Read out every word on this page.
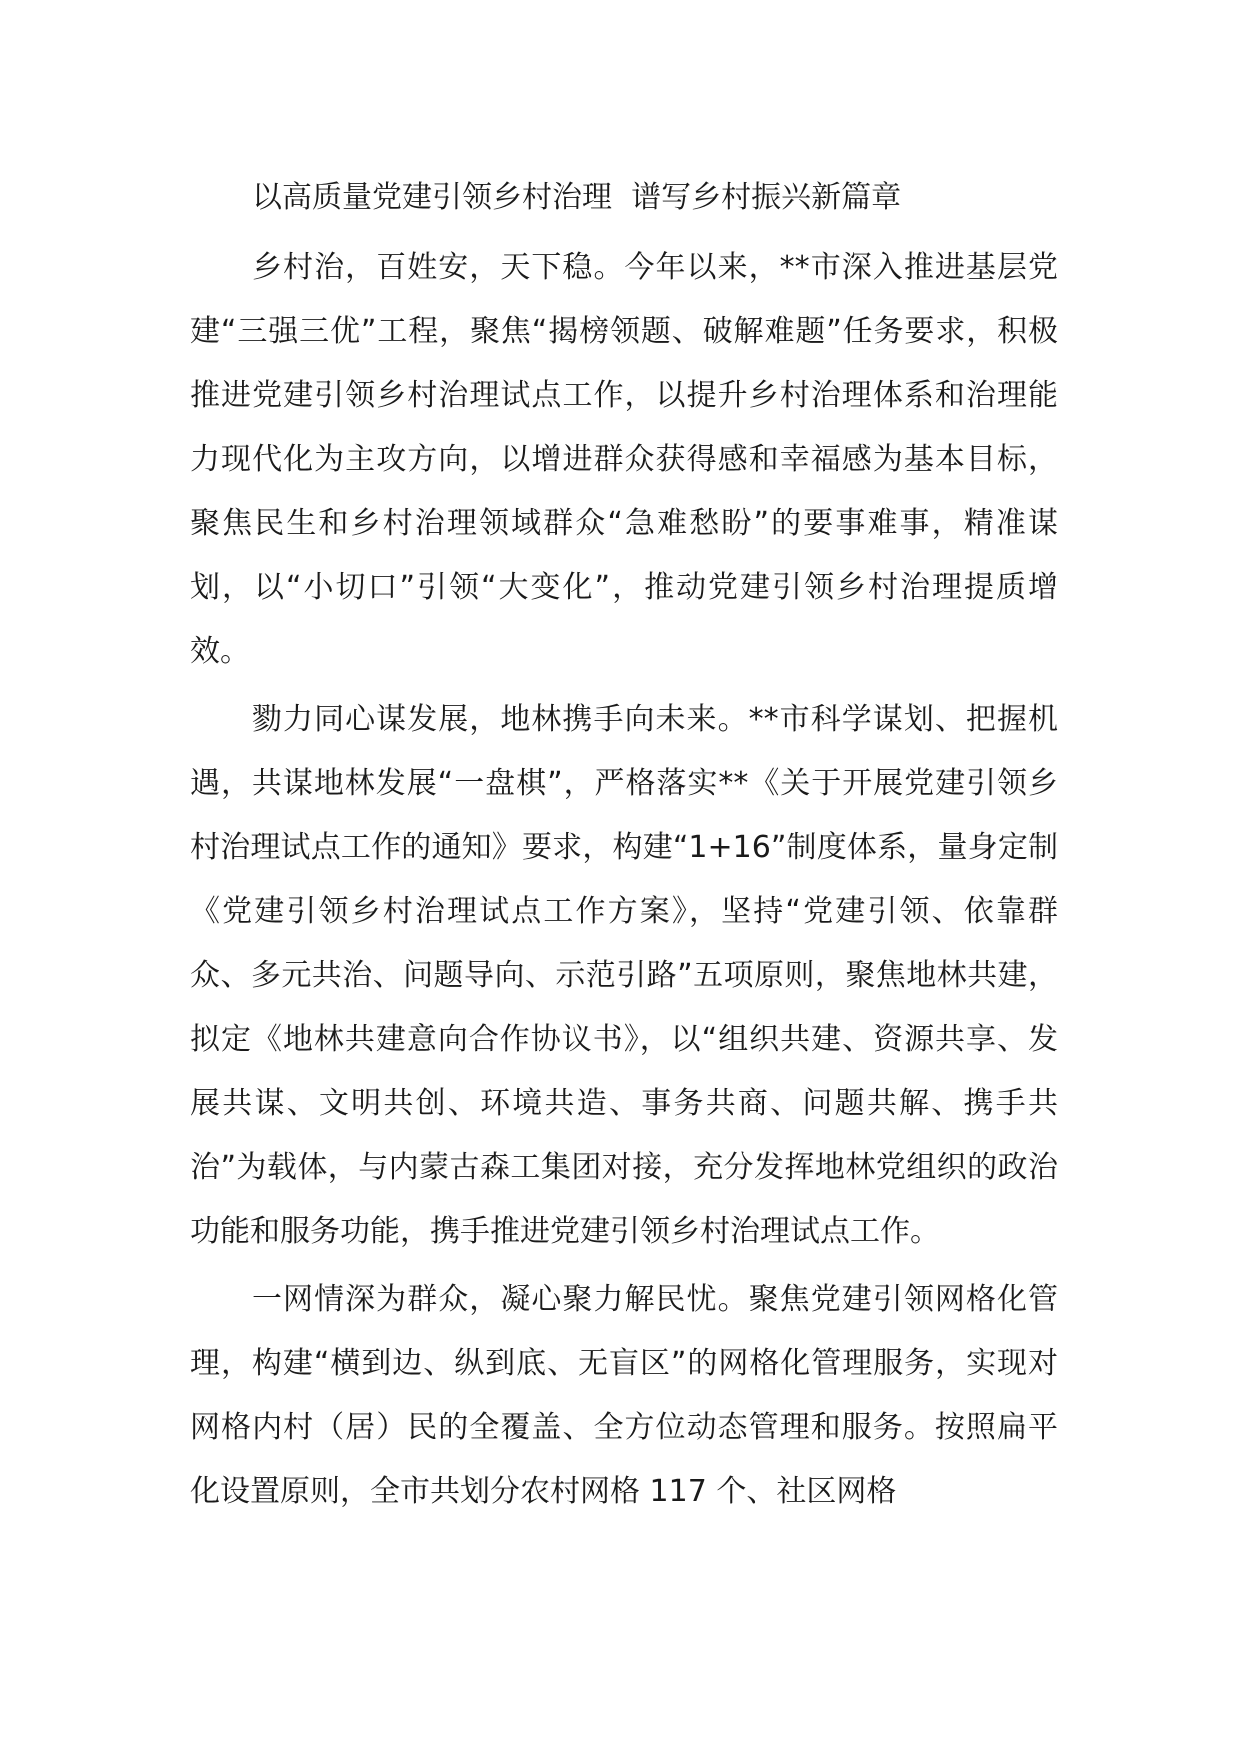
以高质量党建引领乡村治理  谱写乡村振兴新篇章

乡村治，百姓安，天下稳。今年以来，**市深入推进基层党建“三强三优”工程，聚焦“揭榜领题、破解难题”任务要求，积极推进党建引领乡村治理试点工作，以提升乡村治理体系和治理能力现代化为主攻方向，以增进群众获得感和幸福感为基本目标，聚焦民生和乡村治理领域群众“急难愁盼”的要事难事，精准谋划，以“小切口”引领“大变化”，推动党建引领乡村治理提质增效。

勠力同心谋发展，地林携手向未来。**市科学谋划、把握机遇，共谋地林发展“一盘棋”，严格落实**《关于开展党建引领乡村治理试点工作的通知》要求，构建“1+16”制度体系，量身定制《党建引领乡村治理试点工作方案》，坚持“党建引领、依靠群众、多元共治、问题导向、示范引路”五项原则，聚焦地林共建，拟定《地林共建意向合作协议书》，以“组织共建、资源共享、发展共谋、文明共创、环境共造、事务共商、问题共解、携手共治”为载体，与内蒙古森工集团对接，充分发挥地林党组织的政治功能和服务功能，携手推进党建引领乡村治理试点工作。

一网情深为群众，凝心聚力解民忧。聚焦党建引领网格化管理，构建“横到边、纵到底、无盲区”的网格化管理服务，实现对网格内村（居）民的全覆盖、全方位动态管理和服务。按照扁平化设置原则，全市共划分农村网格 117 个、社区网格
